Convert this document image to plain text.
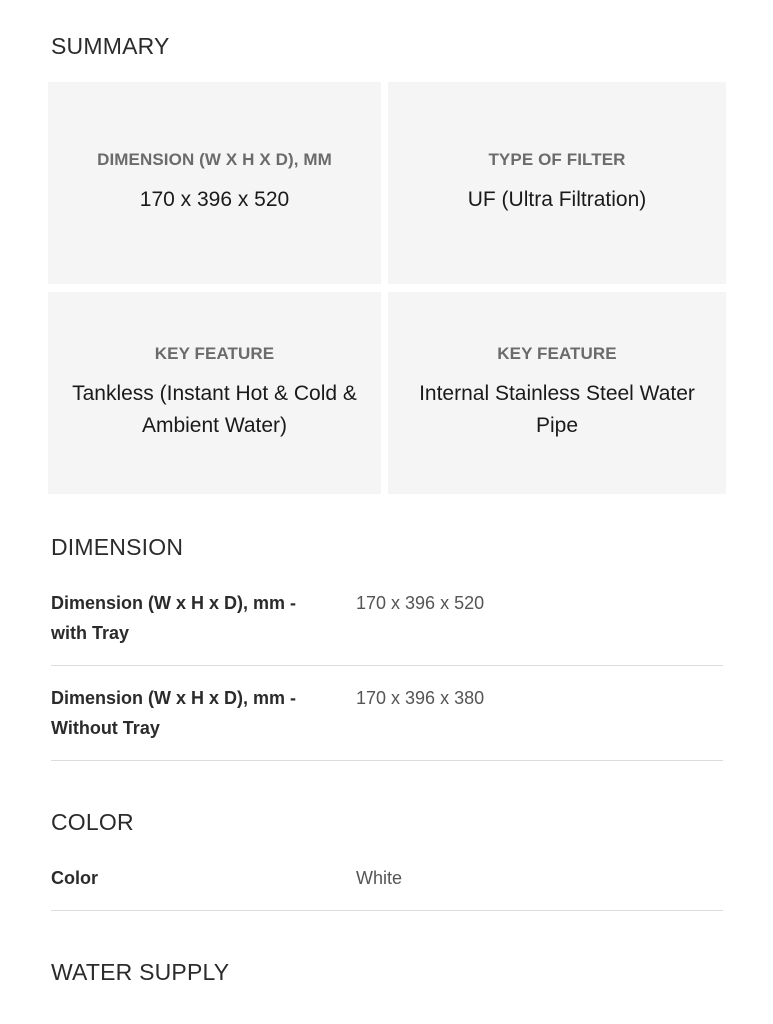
SUMMARY
DIMENSION (W X H X D), MM
170 x 396 x 520
TYPE OF FILTER
UF (Ultra Filtration)
KEY FEATURE
Tankless (Instant Hot & Cold & Ambient Water)
KEY FEATURE
Internal Stainless Steel Water Pipe
DIMENSION
Dimension (W x H x D), mm - with Tray
170 x 396 x 520
Dimension (W x H x D), mm - Without Tray
170 x 396 x 380
COLOR
Color	White
WATER SUPPLY
